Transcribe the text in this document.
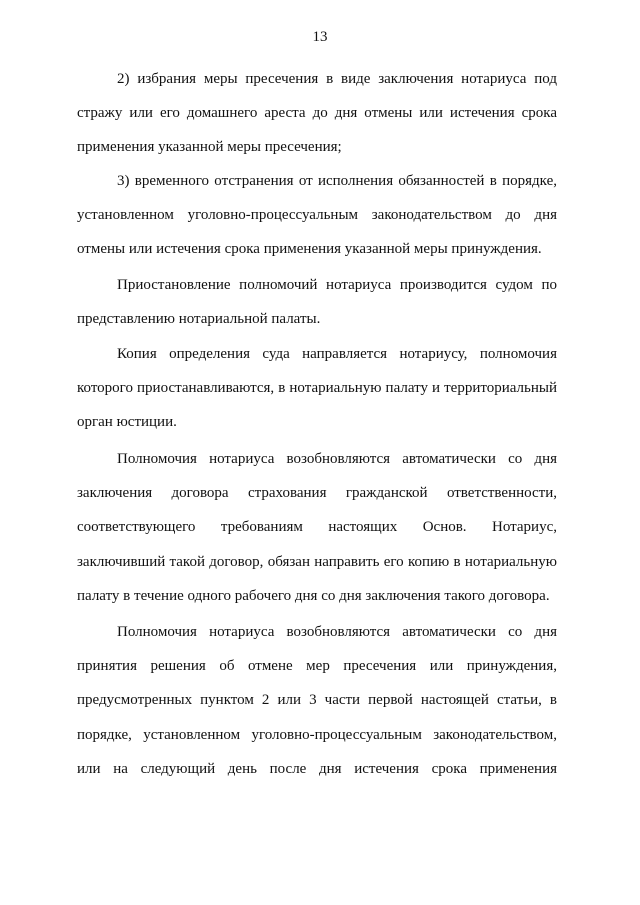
13
2) избрания меры пресечения в виде заключения нотариуса под
стражу или его домашнего ареста до дня отмены или истечения срока
применения указанной меры пресечения;
3) временного отстранения от исполнения обязанностей в порядке,
установленном уголовно-процессуальным законодательством до дня
отмены или истечения срока применения указанной меры принуждения.
Приостановление полномочий нотариуса производится судом по
представлению нотариальной палаты.
Копия определения суда направляется нотариусу, полномочия
которого приостанавливаются, в нотариальную палату и территориальный
орган юстиции.
Полномочия нотариуса возобновляются автоматически со дня
заключения договора страхования гражданской ответственности,
соответствующего требованиям настоящих Основ. Нотариус,
заключивший такой договор, обязан направить его копию в нотариальную
палату в течение одного рабочего дня со дня заключения такого договора.
Полномочия нотариуса возобновляются автоматически со дня
принятия решения об отмене мер пресечения или принуждения,
предусмотренных пунктом 2 или 3 части первой настоящей статьи, в
порядке, установленном уголовно-процессуальным законодательством,
или на следующий день после дня истечения срока применения
